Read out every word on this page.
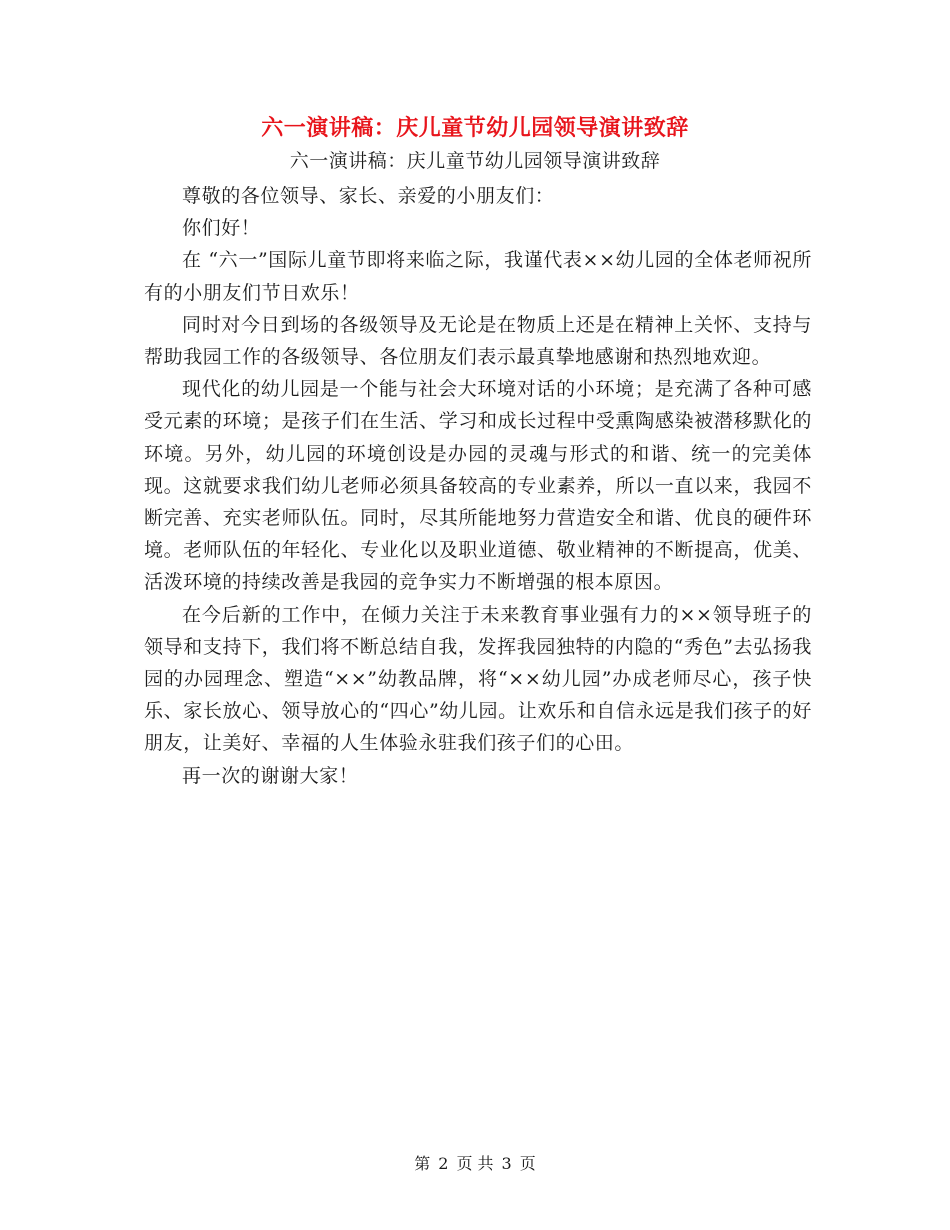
六一演讲稿：庆儿童节幼儿园领导演讲致辞
六一演讲稿：庆儿童节幼儿园领导演讲致辞

尊敬的各位领导、家长、亲爱的小朋友们：

你们好！

在 “六一”国际儿童节即将来临之际，我谨代表××幼儿园的全体老师祝所有的小朋友们节日欢乐！

同时对今日到场的各级领导及无论是在物质上还是在精神上关怀、支持与帮助我园工作的各级领导、各位朋友们表示最真挚地感谢和热烈地欢迎。

现代化的幼儿园是一个能与社会大环境对话的小环境；是充满了各种可感受元素的环境；是孩子们在生活、学习和成长过程中受熏陶感染被潜移默化的环境。另外，幼儿园的环境创设是办园的灵魂与形式的和谐、统一的完美体现。这就要求我们幼儿老师必须具备较高的专业素养，所以一直以来，我园不断完善、充实老师队伍。同时，尽其所能地努力营造安全和谐、优良的硬件环境。老师队伍的年轻化、专业化以及职业道德、敬业精神的不断提高，优美、活泼环境的持续改善是我园的竞争实力不断增强的根本原因。

在今后新的工作中，在倾力关注于未来教育事业强有力的××领导班子的领导和支持下，我们将不断总结自我，发挥我园独特的内隐的“秀色”去弘扬我园的办园理念、塑造“××”幼教品牌，将“××幼儿园”办成老师尽心，孩子快乐、家长放心、领导放心的“四心”幼儿园。让欢乐和自信永远是我们孩子的好朋友，让美好、幸福的人生体验永驻我们孩子们的心田。

再一次的谢谢大家！

第 2 页 共 3 页
